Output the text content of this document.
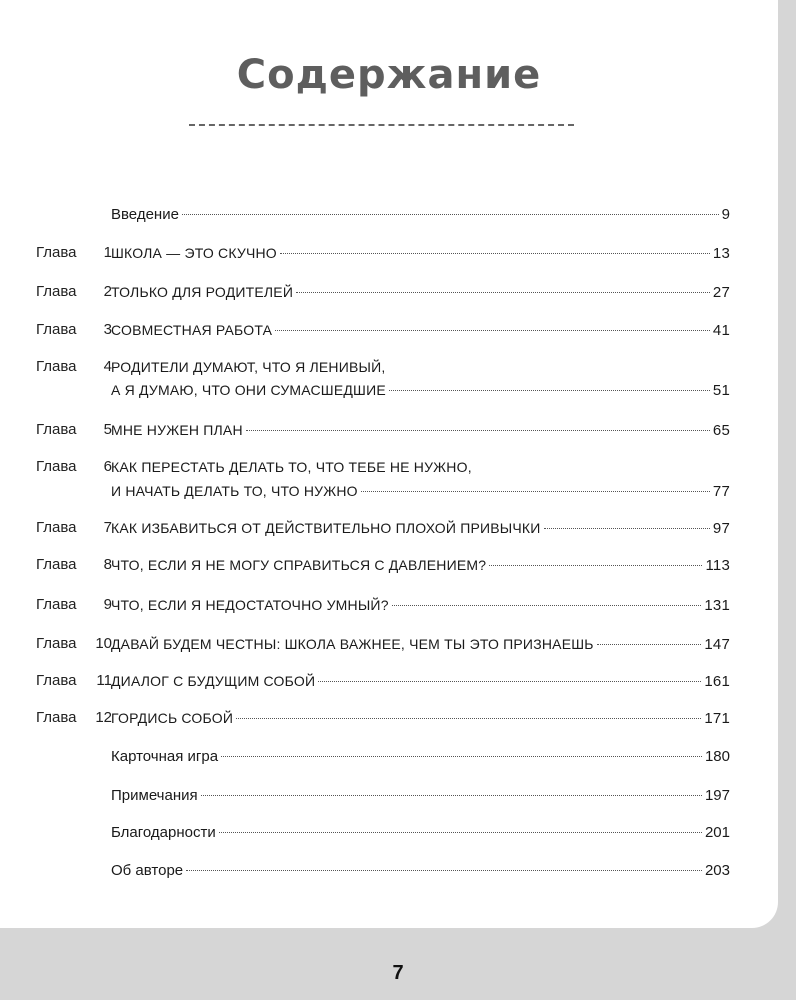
Содержание
Введение	9
Глава 1 ШКОЛА — ЭТО СКУЧНО	13
Глава 2 ТОЛЬКО ДЛЯ РОДИТЕЛЕЙ	27
Глава 3 СОВМЕСТНАЯ РАБОТА	41
Глава 4 РОДИТЕЛИ ДУМАЮТ, ЧТО Я ЛЕНИВЫЙ,
А Я ДУМАЮ, ЧТО ОНИ СУМАСШЕДШИЕ	51
Глава 5 МНЕ НУЖЕН ПЛАН	65
Глава 6 КАК ПЕРЕСТАТЬ ДЕЛАТЬ ТО, ЧТО ТЕБЕ НЕ НУЖНО,
И НАЧАТЬ ДЕЛАТЬ ТО, ЧТО НУЖНО	77
Глава 7 КАК ИЗБАВИТЬСЯ ОТ ДЕЙСТВИТЕЛЬНО ПЛОХОЙ ПРИВЫЧКИ	97
Глава 8 ЧТО, ЕСЛИ Я НЕ МОГУ СПРАВИТЬСЯ С ДАВЛЕНИЕМ?	113
Глава 9 ЧТО, ЕСЛИ Я НЕДОСТАТОЧНО УМНЫЙ?	131
Глава 10 ДАВАЙ БУДЕМ ЧЕСТНЫ: ШКОЛА ВАЖНЕЕ, ЧЕМ ТЫ ЭТО ПРИЗНАЕШЬ	147
Глава 11 ДИАЛОГ С БУДУЩИМ СОБОЙ	161
Глава 12 ГОРДИСЬ СОБОЙ	171
Карточная игра	180
Примечания	197
Благодарности	201
Об авторе	203
7
